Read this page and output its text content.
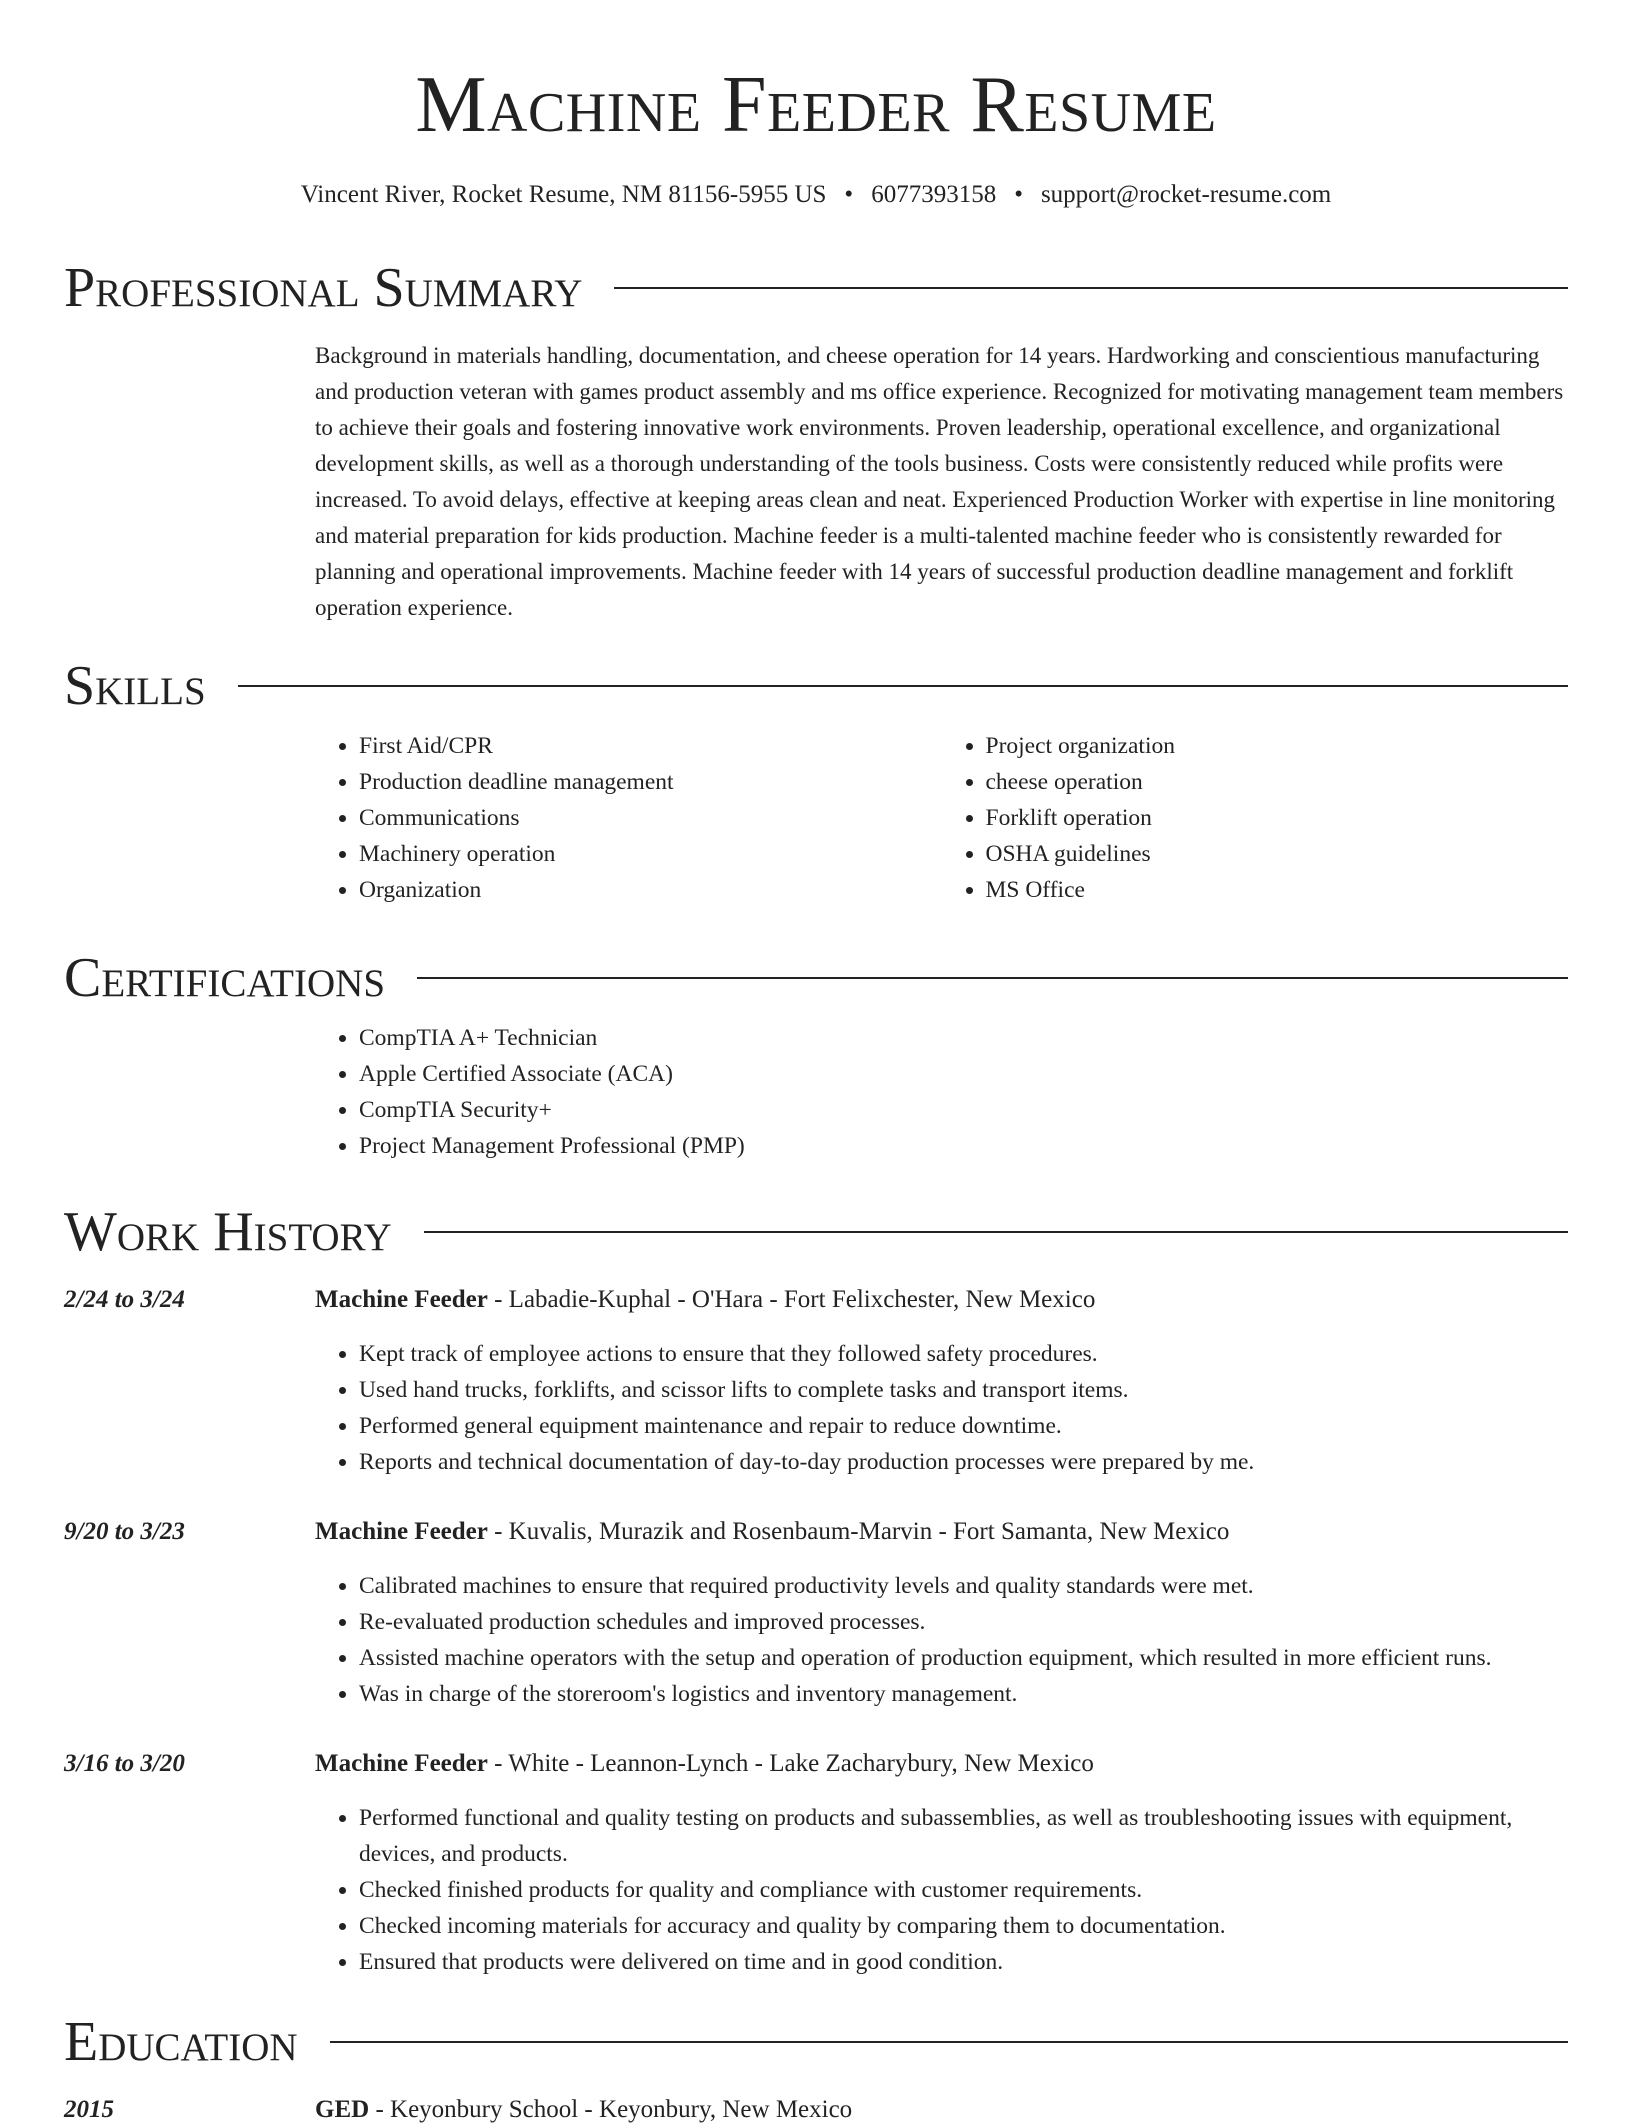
Machine Feeder Resume
Vincent River, Rocket Resume, NM 81156-5955 US • 6077393158 • support@rocket-resume.com
Professional Summary
Background in materials handling, documentation, and cheese operation for 14 years. Hardworking and conscientious manufacturing and production veteran with games product assembly and ms office experience. Recognized for motivating management team members to achieve their goals and fostering innovative work environments. Proven leadership, operational excellence, and organizational development skills, as well as a thorough understanding of the tools business. Costs were consistently reduced while profits were increased. To avoid delays, effective at keeping areas clean and neat. Experienced Production Worker with expertise in line monitoring and material preparation for kids production. Machine feeder is a multi-talented machine feeder who is consistently rewarded for planning and operational improvements. Machine feeder with 14 years of successful production deadline management and forklift operation experience.
Skills
• First Aid/CPR
• Production deadline management
• Communications
• Machinery operation
• Organization
• Project organization
• cheese operation
• Forklift operation
• OSHA guidelines
• MS Office
Certifications
• CompTIA A+ Technician
• Apple Certified Associate (ACA)
• CompTIA Security+
• Project Management Professional (PMP)
Work History
2/24 to 3/24	Machine Feeder - Labadie-Kuphal - O'Hara - Fort Felixchester, New Mexico
• Kept track of employee actions to ensure that they followed safety procedures.
• Used hand trucks, forklifts, and scissor lifts to complete tasks and transport items.
• Performed general equipment maintenance and repair to reduce downtime.
• Reports and technical documentation of day-to-day production processes were prepared by me.
9/20 to 3/23	Machine Feeder - Kuvalis, Murazik and Rosenbaum-Marvin - Fort Samanta, New Mexico
• Calibrated machines to ensure that required productivity levels and quality standards were met.
• Re-evaluated production schedules and improved processes.
• Assisted machine operators with the setup and operation of production equipment, which resulted in more efficient runs.
• Was in charge of the storeroom's logistics and inventory management.
3/16 to 3/20	Machine Feeder - White - Leannon-Lynch - Lake Zacharybury, New Mexico
• Performed functional and quality testing on products and subassemblies, as well as troubleshooting issues with equipment, devices, and products.
• Checked finished products for quality and compliance with customer requirements.
• Checked incoming materials for accuracy and quality by comparing them to documentation.
• Ensured that products were delivered on time and in good condition.
Education
2015	GED - Keyonbury School - Keyonbury, New Mexico
